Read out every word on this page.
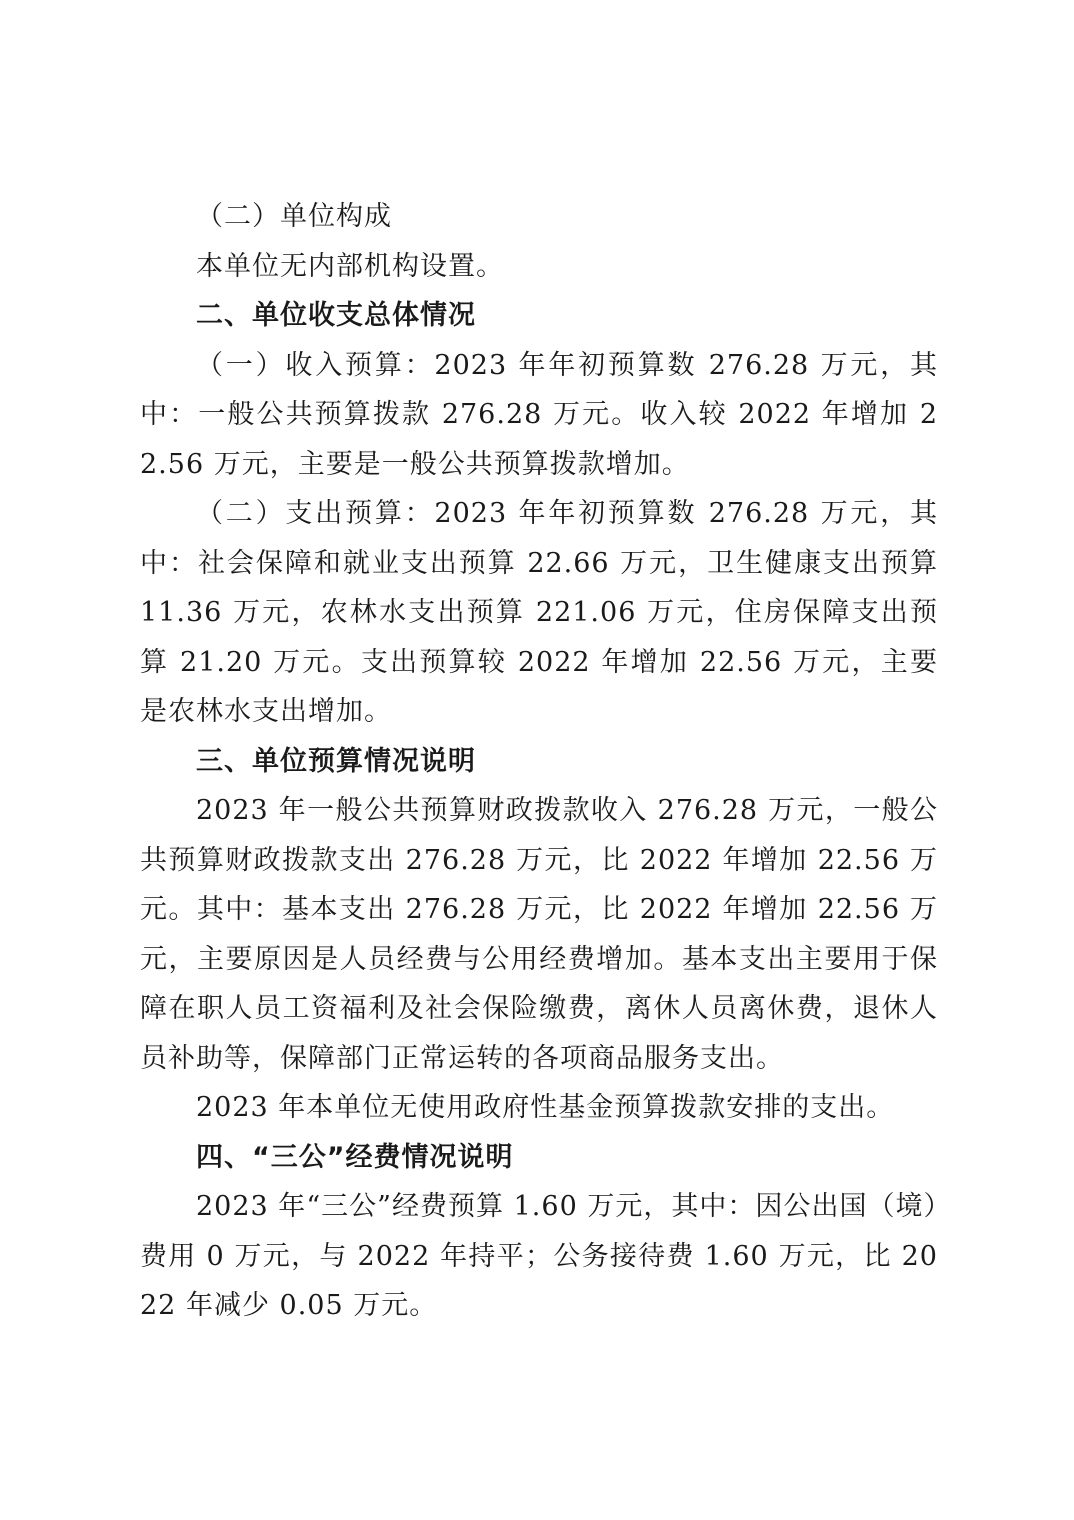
（二）单位构成

本单位无内部机构设置。

二、单位收支总体情况

（一）收入预算：2023 年年初预算数 276.28 万元，其中：一般公共预算拨款 276.28 万元。收入较 2022 年增加 22.56 万元，主要是一般公共预算拨款增加。

（二）支出预算：2023 年年初预算数 276.28 万元，其中：社会保障和就业支出预算 22.66 万元，卫生健康支出预算 11.36 万元，农林水支出预算 221.06 万元，住房保障支出预算 21.20 万元。支出预算较 2022 年增加 22.56 万元，主要是农林水支出增加。

三、单位预算情况说明

2023 年一般公共预算财政拨款收入 276.28 万元，一般公共预算财政拨款支出 276.28 万元，比 2022 年增加 22.56 万元。其中：基本支出 276.28 万元，比 2022 年增加 22.56 万元，主要原因是人员经费与公用经费增加。基本支出主要用于保障在职人员工资福利及社会保险缴费，离休人员离休费，退休人员补助等，保障部门正常运转的各项商品服务支出。

2023 年本单位无使用政府性基金预算拨款安排的支出。

四、“三公”经费情况说明

2023 年“三公”经费预算 1.60 万元，其中：因公出国（境）费用 0 万元，与 2022 年持平；公务接待费 1.60 万元，比 2022 年减少 0.05 万元。
